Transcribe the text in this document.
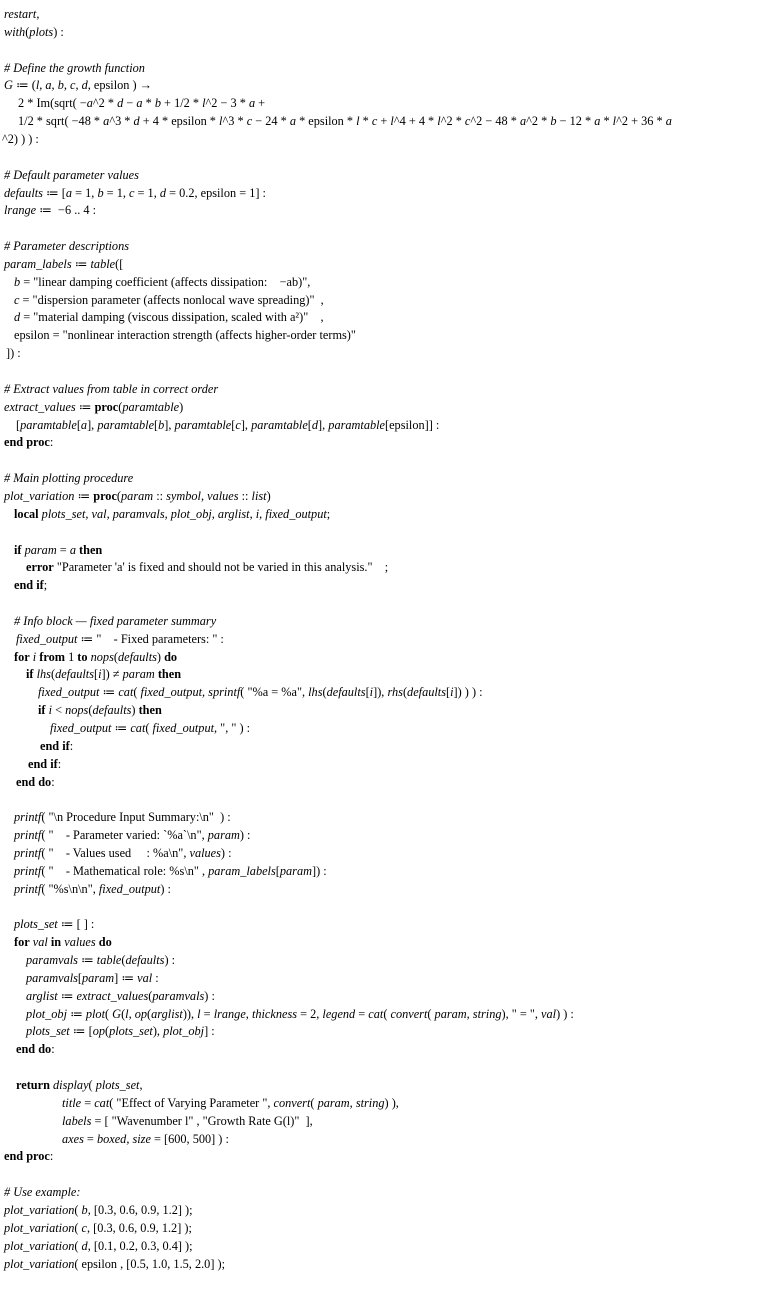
restart,
with(plots) :
# Define the growth function
G ≔ (l, a, b, c, d, epsilon ) →
2 * Im(sqrt( −a^2 * d − a * b + 1/2 * l^2 − 3 * a +
1/2 * sqrt( −48 * a^3 * d + 4 * epsilon * l^3 * c − 24 * a * epsilon * l * c + l^4 + 4 * l^2 * c^2 − 48 * a^2 * b − 12 * a * l^2 + 36 * a
^2) ) ) :
# Default parameter values
defaults ≔ [a = 1, b = 1, c = 1, d = 0.2, epsilon = 1] :
lrange ≔  −6 .. 4 :
# Parameter descriptions
param_labels ≔ table([
b = "linear damping coefficient (affects dissipation:    −ab)",
c = "dispersion parameter (affects nonlocal wave spreading)"  ,
d = "material damping (viscous dissipation, scaled with a²)"    ,
epsilon = "nonlinear interaction strength (affects higher-order terms)"
]) :
# Extract values from table in correct order
extract_values ≔ proc(paramtable)
[paramtable[a], paramtable[b], paramtable[c], paramtable[d], paramtable[epsilon]] :
end proc:
# Main plotting procedure
plot_variation ≔ proc(param :: symbol, values :: list)
local plots_set, val, paramvals, plot_obj, arglist, i, fixed_output;
if param = a then
error "Parameter 'a' is fixed and should not be varied in this analysis."    ;
end if;
# Info block — fixed parameter summary
fixed_output ≔ "    - Fixed parameters: " :
for i from 1 to nops(defaults) do
if lhs(defaults[i]) ≠ param then
fixed_output ≔ cat( fixed_output, sprintf( "%a = %a", lhs(defaults[i]), rhs(defaults[i]) ) ) :
if i < nops(defaults) then
fixed_output ≔ cat( fixed_output, ", " ) :
end if:
end if:
end do:
printf( "\n Procedure Input Summary:\n"  ) :
printf( "    - Parameter varied: `%a`\n", param) :
printf( "    - Values used     : %a\n", values) :
printf( "    - Mathematical role: %s\n" , param_labels[param]) :
printf( "%s\n\n", fixed_output) :
plots_set ≔ [ ] :
for val in values do
paramvals ≔ table(defaults) :
paramvals[param] ≔ val :
arglist ≔ extract_values(paramvals) :
plot_obj ≔ plot( G(l, op(arglist)), l = lrange, thickness = 2, legend = cat( convert( param, string), " = ", val) ) :
plots_set ≔ [op(plots_set), plot_obj] :
end do:
return display( plots_set,
title = cat( "Effect of Varying Parameter ", convert( param, string) ),
labels = [ "Wavenumber l" , "Growth Rate G(l)"  ],
axes = boxed, size = [600, 500] ) :
end proc:
# Use example:
plot_variation( b, [0.3, 0.6, 0.9, 1.2] );
plot_variation( c, [0.3, 0.6, 0.9, 1.2] );
plot_variation( d, [0.1, 0.2, 0.3, 0.4] );
plot_variation( epsilon , [0.5, 1.0, 1.5, 2.0] );
